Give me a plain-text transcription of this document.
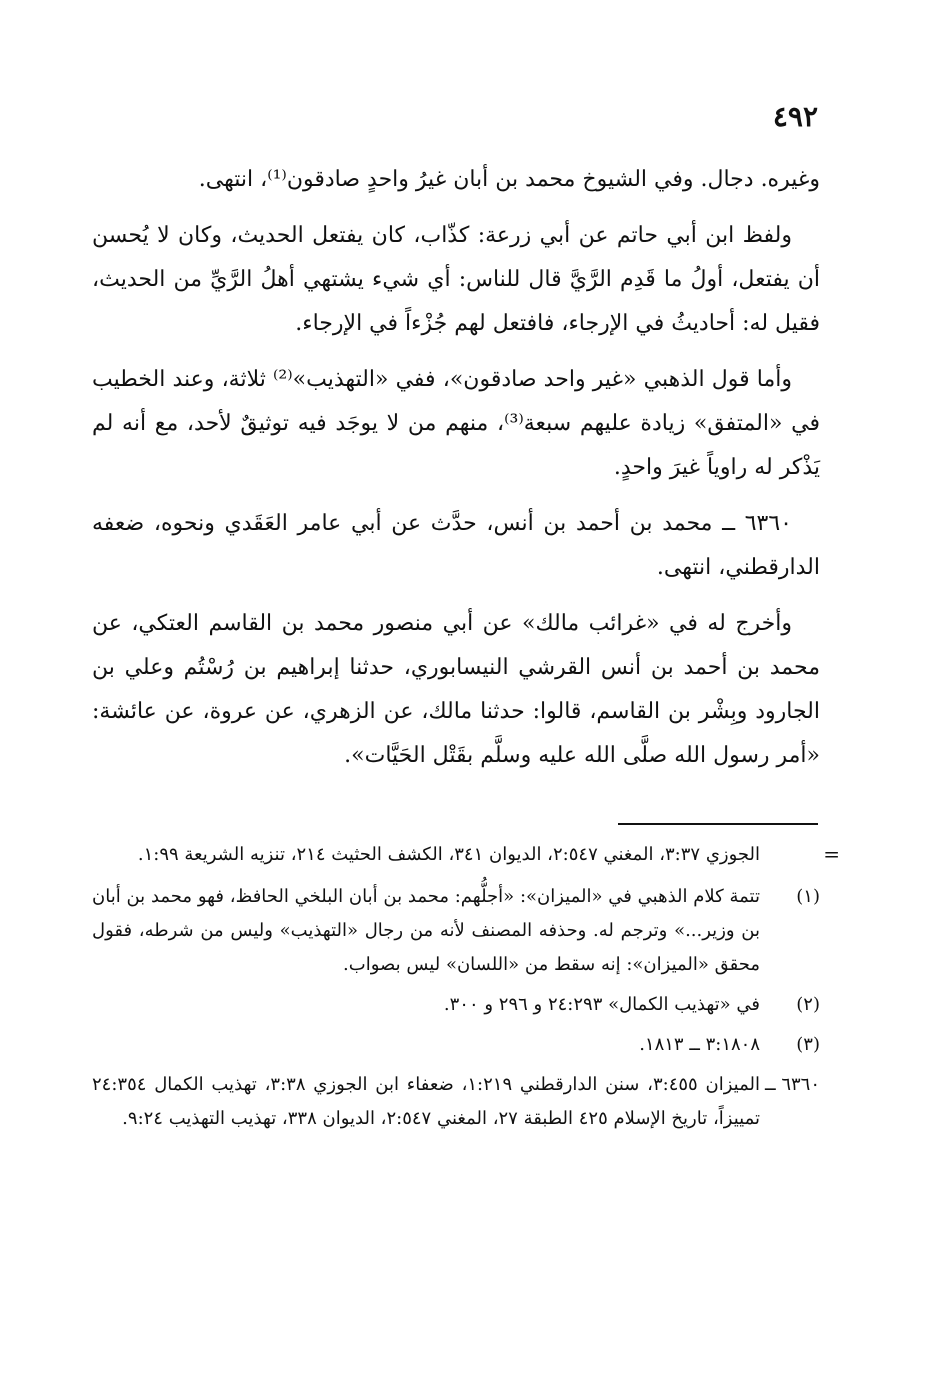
٤٩٢

وغيره. دجال. وفي الشيوخ محمد بن أبان غيرُ واحدٍ صادقون⁽¹⁾، انتهى.

ولفظ ابن أبي حاتم عن أبي زرعة: كذّاب، كان يفتعل الحديث، وكان لا يُحسن أن يفتعل، أولُ ما قَدِم الرَّيَّ قال للناس: أي شيء يشتهي أهلُ الرَّيِّ من الحديث، فقيل له: أحاديثُ في الإرجاء، فافتعل لهم جُزْءاً في الإرجاء.

وأما قول الذهبي «غير واحد صادقون»، ففي «التهذيب»⁽²⁾ ثلاثة، وعند الخطيب في «المتفق» زيادة عليهم سبعة⁽³⁾، منهم من لا يوجَد فيه توثيقٌ لأحد، مع أنه لم يَذْكر له راوياً غيرَ واحدٍ.

٦٣٦٠ ــ محمد بن أحمد بن أنس، حدَّث عن أبي عامر العَقَدي ونحوه، ضعفه الدارقطني، انتهى.

وأخرج له في «غرائب مالك» عن أبي منصور محمد بن القاسم العتكي، عن محمد بن أحمد بن أنس القرشي النيسابوري، حدثنا إبراهيم بن رُسْتُم وعلي بن الجارود وبِشْر بن القاسم، قالوا: حدثنا مالك، عن الزهري، عن عروة، عن عائشة: «أمر رسول الله صلَّى الله عليه وسلَّم بقَتْل الحَيَّات».

=
الجوزي ٣:٣٧، المغني ٢:٥٤٧، الديوان ٣٤١، الكشف الحثيث ٢١٤، تنزيه الشريعة ١:٩٩.
(١)
تتمة كلام الذهبي في «الميزان»: «أجلُّهم: محمد بن أبان البلخي الحافظ، فهو محمد بن أبان بن وزير...» وترجم له. وحذفه المصنف لأنه من رجال «التهذيب» وليس من شرطه، فقول محقق «الميزان»: إنه سقط من «اللسان» ليس بصواب.
(٢)
في «تهذيب الكمال» ٢٤:٢٩٣ و ٢٩٦ و ٣٠٠.
(٣)
٣:١٨٠٨ ــ ١٨١٣.
٦٣٦٠ ــ
الميزان ٣:٤٥٥، سنن الدارقطني ١:٢١٩، ضعفاء ابن الجوزي ٣:٣٨، تهذيب الكمال ٢٤:٣٥٤ تمييزاً، تاريخ الإسلام ٤٢٥ الطبقة ٢٧، المغني ٢:٥٤٧، الديوان ٣٣٨، تهذيب التهذيب ٩:٢٤.
